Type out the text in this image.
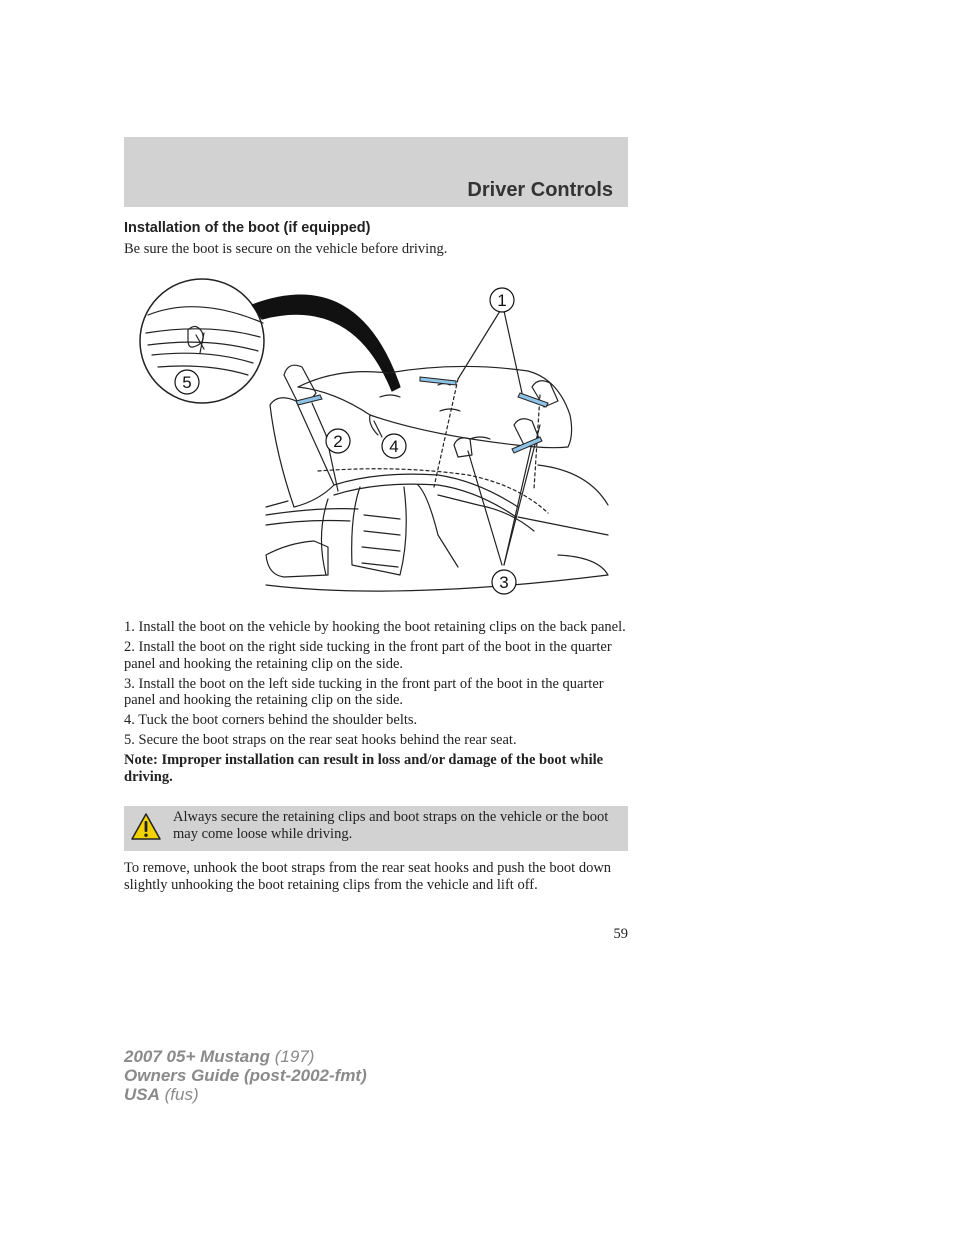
Driver Controls
Installation of the boot (if equipped)
Be sure the boot is secure on the vehicle before driving.
1
2
3
4
5

1. Install the boot on the vehicle by hooking the boot retaining clips on the back panel.

2. Install the boot on the right side tucking in the front part of the boot in the quarter panel and hooking the retaining clip on the side.

3. Install the boot on the left side tucking in the front part of the boot in the quarter panel and hooking the retaining clip on the side.

4. Tuck the boot corners behind the shoulder belts.

5. Secure the boot straps on the rear seat hooks behind the rear seat.

Note: Improper installation can result in loss and/or damage of the boot while driving.

Always secure the retaining clips and boot straps on the vehicle or the boot may come loose while driving.
To remove, unhook the boot straps from the rear seat hooks and push the boot down slightly unhooking the boot retaining clips from the vehicle and lift off.
59
2007 05+ Mustang (197)
Owners Guide (post-2002-fmt)
USA (fus)
